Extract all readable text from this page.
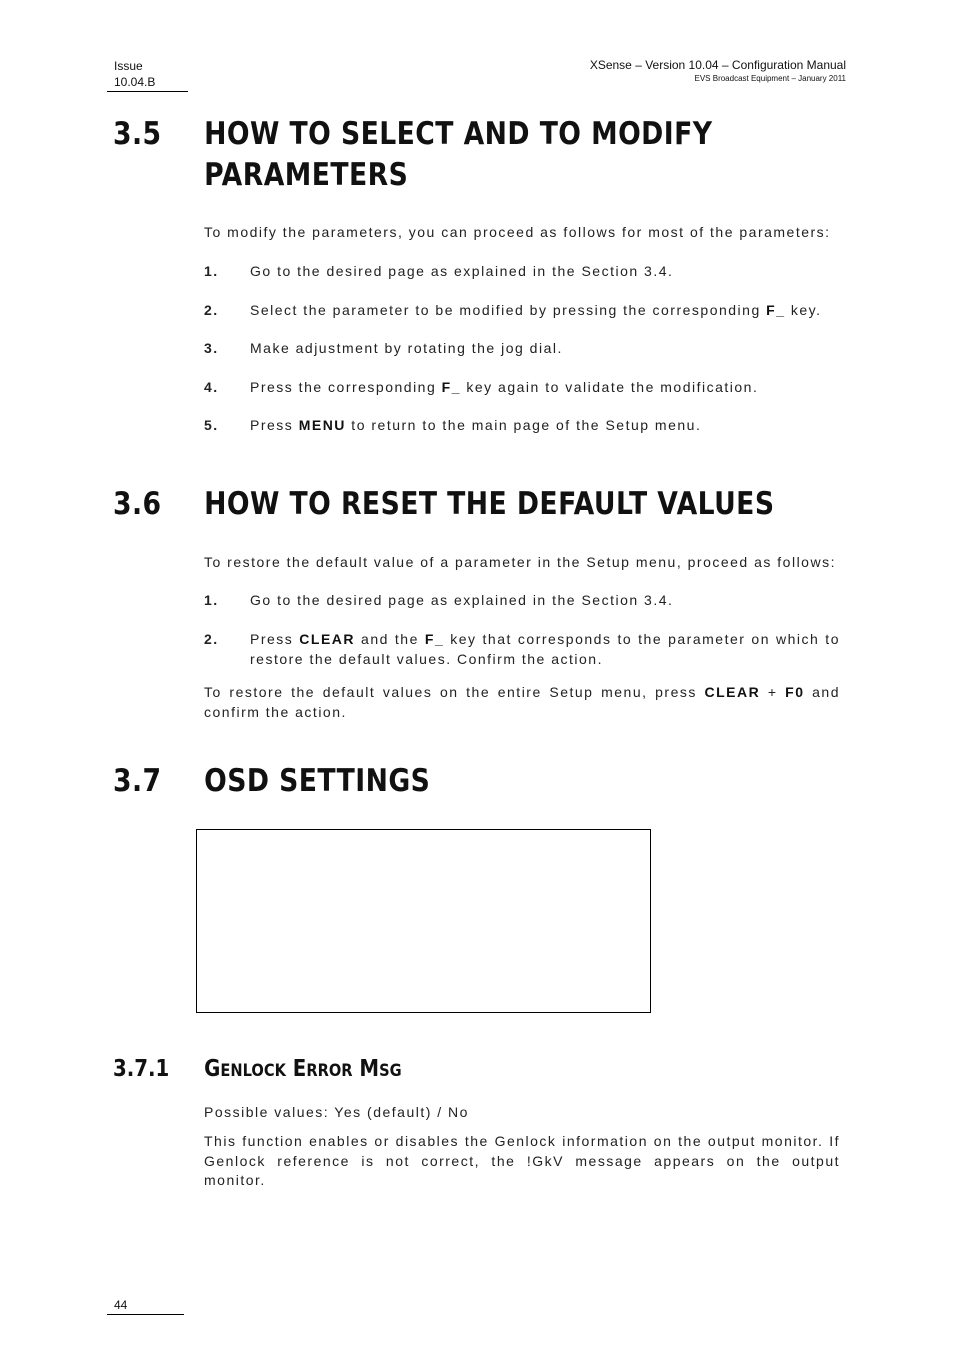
Issue
10.04.B
XSense – Version 10.04 – Configuration Manual
EVS Broadcast Equipment – January 2011
3.5 HOW TO SELECT AND TO MODIFY
PARAMETERS
To modify the parameters, you can proceed as follows for most of the parameters:
1. Go to the desired page as explained in the Section 3.4.
2. Select the parameter to be modified by pressing the corresponding F_ key.
3. Make adjustment by rotating the jog dial.
4. Press the corresponding F_ key again to validate the modification.
5. Press MENU to return to the main page of the Setup menu.
3.6 HOW TO RESET THE DEFAULT VALUES
To restore the default value of a parameter in the Setup menu, proceed as follows:
1. Go to the desired page as explained in the Section 3.4.
2. Press CLEAR and the F_ key that corresponds to the parameter on which to restore the default values. Confirm the action.
To restore the default values on the entire Setup menu, press CLEAR + F0 and confirm the action.
3.7 OSD SETTINGS
3.7.1 GENLOCK ERROR MSG
Possible values: Yes (default) / No
This function enables or disables the Genlock information on the output monitor. If Genlock reference is not correct, the !GkV message appears on the output monitor.
44
